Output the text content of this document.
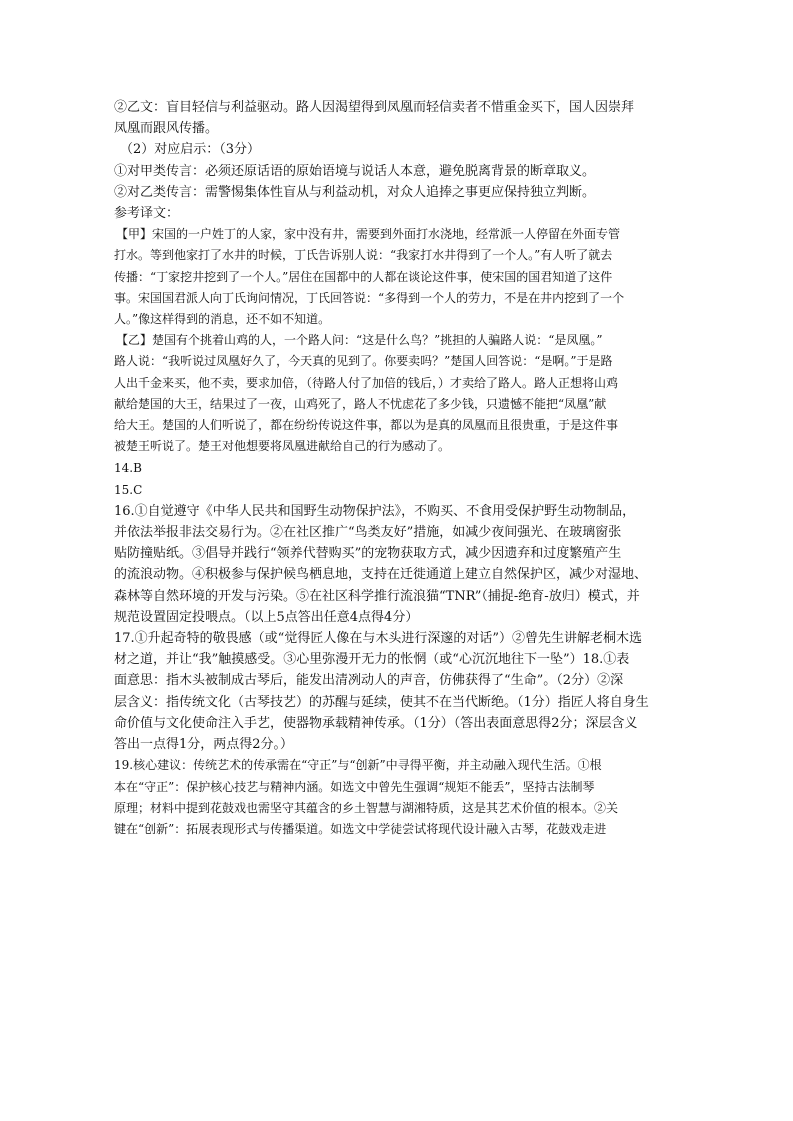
②乙文：盲目轻信与利益驱动。路人因渴望得到凤凰而轻信卖者不惜重金买下，国人因崇拜
凤凰而跟风传播。
（2）对应启示：（3分）
①对甲类传言：必须还原话语的原始语境与说话人本意，避免脱离背景的断章取义。
②对乙类传言：需警惕集体性盲从与利益动机，对众人追捧之事更应保持独立判断。
参考译文：
【甲】宋国的一户姓丁的人家，家中没有井，需要到外面打水浇地，经常派一人停留在外面专管
打水。等到他家打了水井的时候，丁氏告诉别人说：“我家打水井得到了一个人。”有人听了就去
传播：“丁家挖井挖到了一个人。”居住在国都中的人都在谈论这件事，使宋国的国君知道了这件
事。宋国国君派人向丁氏询问情况，丁氏回答说：“多得到一个人的劳力，不是在井内挖到了一个
人。”像这样得到的消息，还不如不知道。
【乙】楚国有个挑着山鸡的人，一个路人问：“这是什么鸟？”挑担的人骗路人说：“是凤凰。”
路人说：“我听说过凤凰好久了，今天真的见到了。你要卖吗？”楚国人回答说：“是啊。”于是路
人出千金来买，他不卖，要求加倍，（待路人付了加倍的钱后，）才卖给了路人。路人正想将山鸡
献给楚国的大王，结果过了一夜，山鸡死了，路人不忧虑花了多少钱，只遗憾不能把“凤凰”献
给大王。楚国的人们听说了，都在纷纷传说这件事，都以为是真的凤凰而且很贵重，于是这件事
被楚王听说了。楚王对他想要将凤凰进献给自己的行为感动了。
14.B
15.C
16.①自觉遵守《中华人民共和国野生动物保护法》，不购买、不食用受保护野生动物制品，
并依法举报非法交易行为。②在社区推广“鸟类友好”措施，如减少夜间强光、在玻璃窗张
贴防撞贴纸。③倡导并践行“领养代替购买”的宠物获取方式，减少因遗弃和过度繁殖产生
的流浪动物。④积极参与保护候鸟栖息地，支持在迁徙通道上建立自然保护区，减少对湿地、
森林等自然环境的开发与污染。⑤在社区科学推行流浪猫“TNR”（捕捉-绝育-放归）模式，并
规范设置固定投喂点。（以上5点答出任意4点得4分）
17.①升起奇特的敬畏感（或“觉得匠人像在与木头进行深邃的对话”）②曾先生讲解老桐木选
材之道，并让“我”触摸感受。③心里弥漫开无力的怅惘（或“心沉沉地往下一坠”）18.①表
面意思：指木头被制成古琴后，能发出清冽动人的声音，仿佛获得了“生命”。（2分）②深
层含义：指传统文化（古琴技艺）的苏醒与延续，使其不在当代断绝。（1分）指匠人将自身生
命价值与文化使命注入手艺，使器物承载精神传承。（1分）（答出表面意思得2分；深层含义
答出一点得1分，两点得2分。）
19.核心建议：传统艺术的传承需在“守正”与“创新”中寻得平衡，并主动融入现代生活。①根
本在“守正”：保护核心技艺与精神内涵。如选文中曾先生强调“规矩不能丢”，坚持古法制琴
原理；材料中提到花鼓戏也需坚守其蕴含的乡土智慧与湖湘特质，这是其艺术价值的根本。②关
键在“创新”：拓展表现形式与传播渠道。如选文中学徒尝试将现代设计融入古琴，花鼓戏走进
